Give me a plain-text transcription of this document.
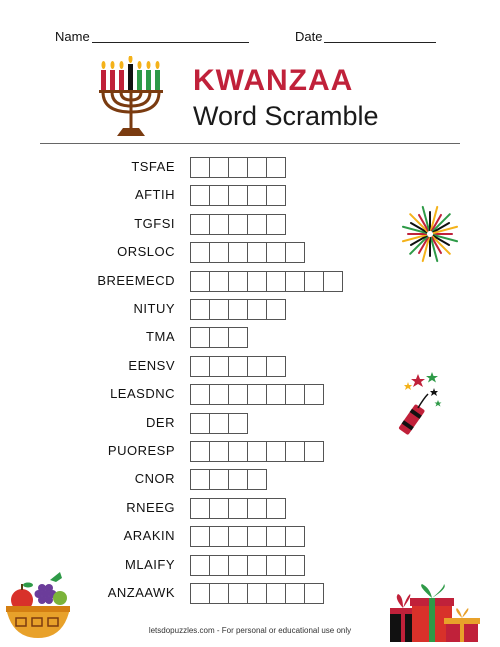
Name	Date
KWANZAA
Word Scramble
TSFAE
AFTIH
TGFSI
ORSLOC
BREEMECD
NITUY
TMA
EENSV
LEASDNC
DER
PUORESP
CNOR
RNEEG
ARAKIN
MLAIFY
ANZAAWK
letsdopuzzles.com - For personal or educational use only
